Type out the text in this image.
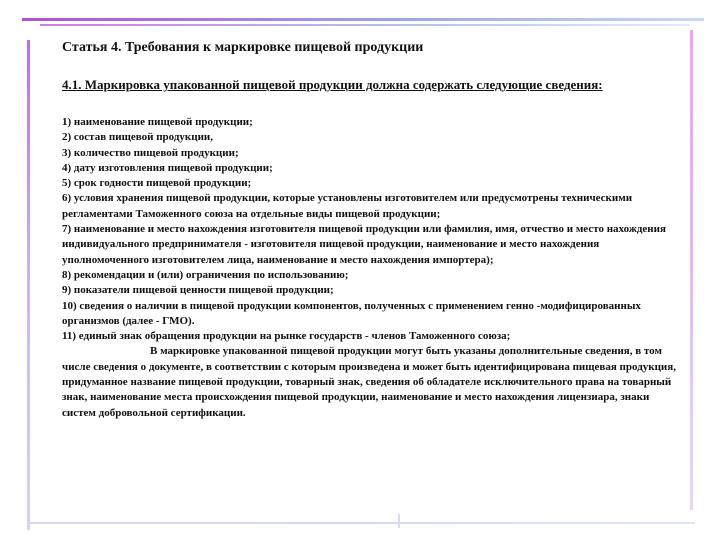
Статья 4. Требования к маркировке пищевой продукции
4.1. Маркировка упакованной пищевой продукции должна содержать следующие сведения:

1) наименование пищевой продукции;

2) состав пищевой продукции,

3) количество пищевой продукции;

4) дату изготовления пищевой продукции;

5) срок годности пищевой продукции;

6) условия хранения пищевой продукции, которые установлены изготовителем или предусмотрены техническими регламентами Таможенного союза на отдельные виды пищевой продукции;

7) наименование и место нахождения изготовителя пищевой продукции или фамилия, имя, отчество и место нахождения индивидуального предпринимателя - изготовителя пищевой продукции, наименование и место нахождения уполномоченного изготовителем лица, наименование и место нахождения импортера);

8) рекомендации и (или) ограничения по использованию;

9) показатели пищевой ценности пищевой продукции;

10) сведения о наличии в пищевой продукции компонентов, полученных с применением генно -модифицированных организмов (далее - ГМО).

11) единый знак обращения продукции на рынке государств - членов Таможенного союза;

В маркировке упакованной пищевой продукции могут быть указаны дополнительные сведения, в том числе сведения о документе, в соответствии с которым произведена и может быть идентифицирована пищевая продукция, придуманное название пищевой продукции, товарный знак, сведения об обладателе исключительного права на товарный знак, наименование места происхождения пищевой продукции, наименование и место нахождения лицензиара, знаки систем добровольной сертификации.
